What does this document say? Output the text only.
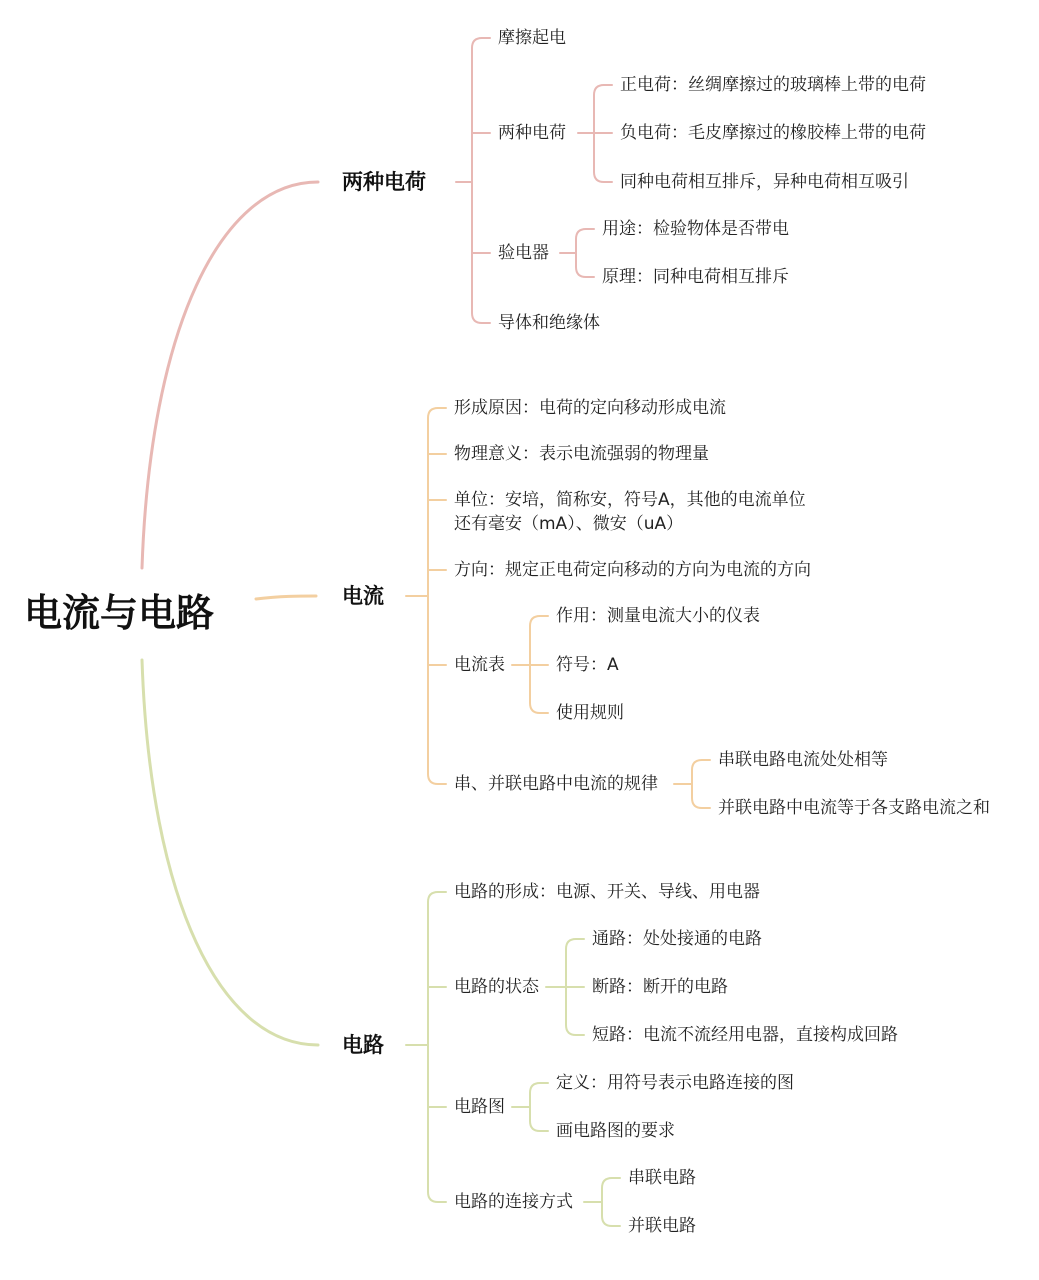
电流与电路
两种电荷
摩擦起电
两种电荷
正电荷：丝绸摩擦过的玻璃棒上带的电荷
负电荷：毛皮摩擦过的橡胶棒上带的电荷
同种电荷相互排斥，异种电荷相互吸引
验电器
用途：检验物体是否带电
原理：同种电荷相互排斥
导体和绝缘体
电流
形成原因：电荷的定向移动形成电流
物理意义：表示电流强弱的物理量
单位：安培，简称安，符号A，其他的电流单位
还有毫安（mA）、微安（uA）
方向：规定正电荷定向移动的方向为电流的方向
电流表
作用：测量电流大小的仪表
符号：A
使用规则
串、并联电路中电流的规律
串联电路电流处处相等
并联电路中电流等于各支路电流之和
电路
电路的形成：电源、开关、导线、用电器
电路的状态
通路：处处接通的电路
断路：断开的电路
短路：电流不流经用电器，直接构成回路
电路图
定义：用符号表示电路连接的图
画电路图的要求
电路的连接方式
串联电路
并联电路
